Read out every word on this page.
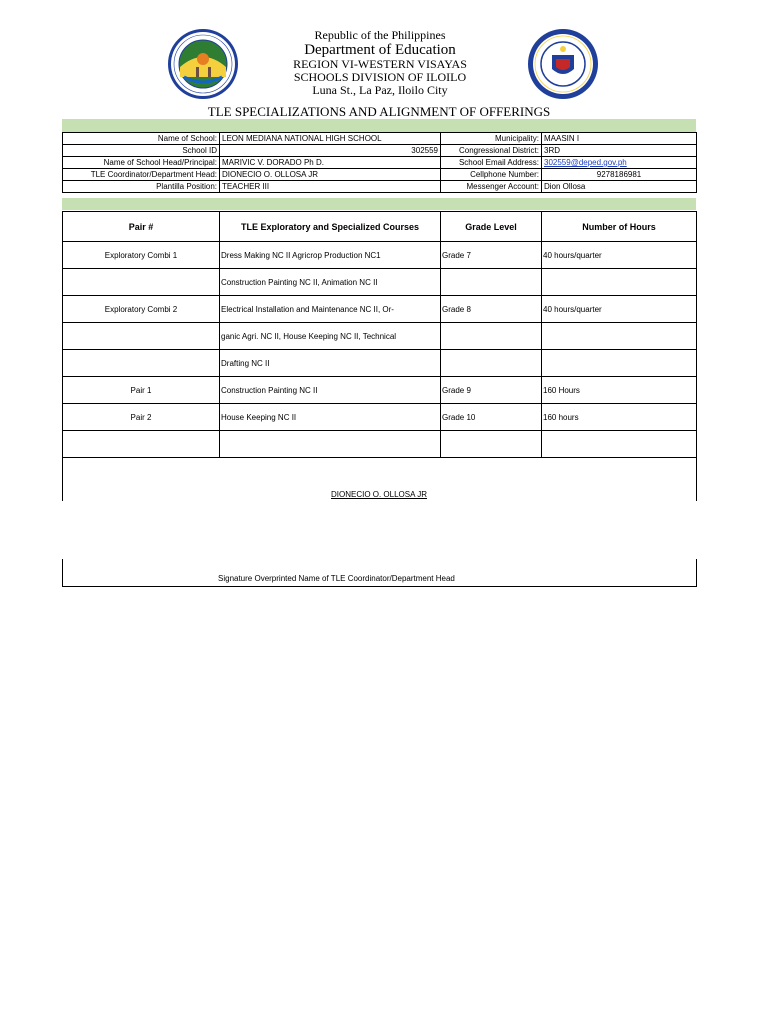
Republic of the Philippines
Department of Education
REGION VI-WESTERN VISAYAS
SCHOOLS DIVISION OF ILOILO
Luna St., La Paz, Iloilo City
TLE SPECIALIZATIONS AND ALIGNMENT OF OFFERINGS
Name of School:	LEON MEDIANA NATIONAL HIGH SCHOOL	Municipality:	MAASIN I
School ID	302559	Congressional District:	3RD
Name of School Head/Principal:	MARIVIC V. DORADO Ph D.	School Email Address:	302559@deped.gov.ph
TLE Coordinator/Department Head:	DIONECIO O. OLLOSA JR	Cellphone Number:	9278186981
Plantilla Position:	TEACHER III	Messenger Account:	Dion Ollosa
Pair #	TLE Exploratory and Specialized Courses	Grade Level	Number of Hours
Exploratory Combi 1	Dress Making NC II Agricrop Production NC1	Grade 7	40 hours/quarter
	Construction Painting NC II, Animation NC II		
Exploratory Combi 2	Electrical Installation and Maintenance NC II, Or-	Grade 8	40 hours/quarter
	ganic Agri. NC II, House Keeping NC II, Technical		
	Drafting NC II		
Pair 1	Construction Painting NC II	Grade 9	160 Hours
Pair 2	House Keeping NC II	Grade 10	160 hours

DIONECIO O. OLLOSA JR
Signature Overprinted Name of TLE Coordinator/Department Head
